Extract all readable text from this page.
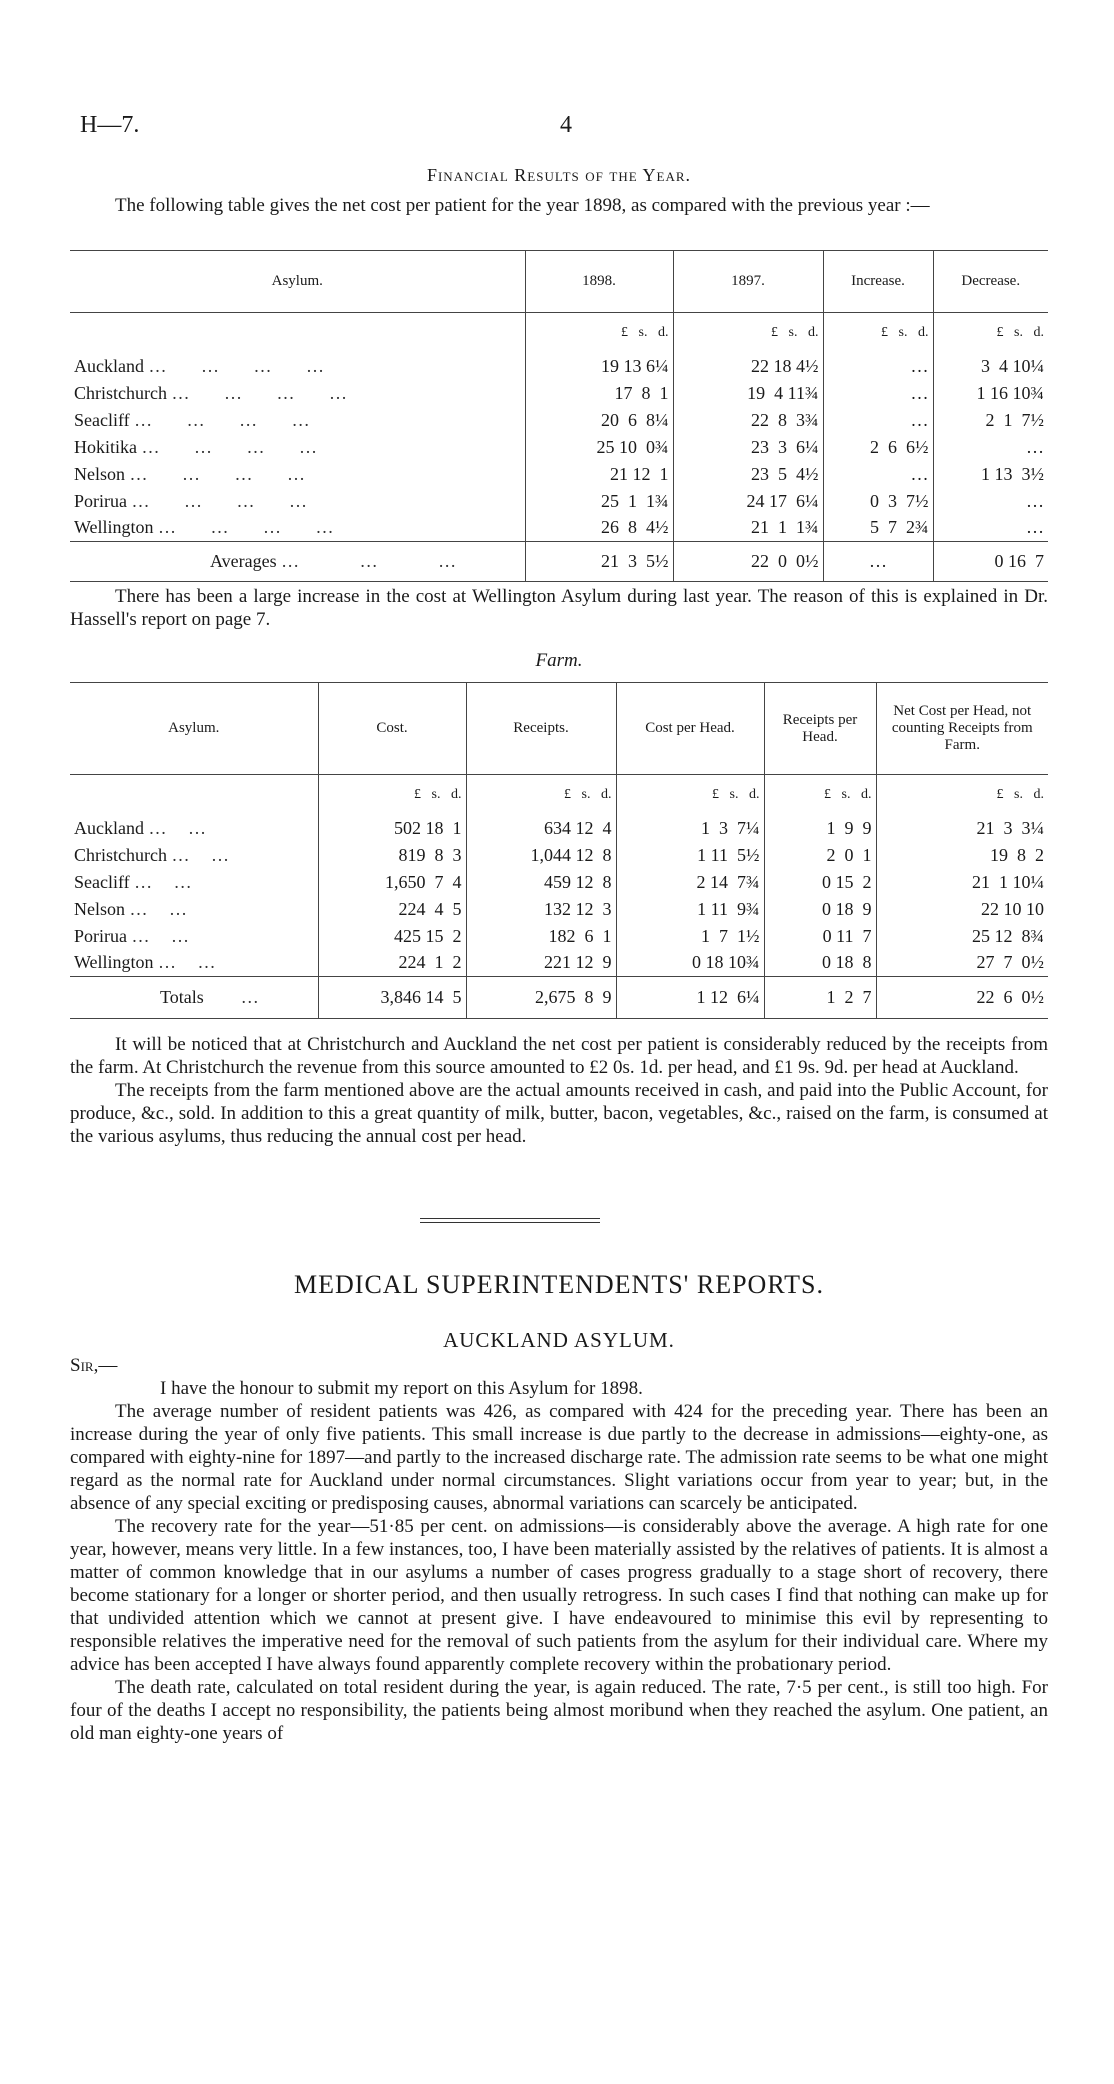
H—7.	4
Financial Results of the Year.

The following table gives the net cost per patient for the year 1898, as compared with the previous year :—

Asylum.	1898.	1897.	Increase.	Decrease.
	£   s.   d.	£   s.   d.	£   s.   d.	£   s.   d.
Auckland …     …     …     …	19 13 6¼	22 18 4½	…	3  4 10¼
Christchurch …     …     …     …	17  8  1	19  4 11¾	…	1 16 10¾
Seacliff …     …     …     …	20  6  8¼	22  8  3¾	…	2  1  7½
Hokitika …     …     …     …	25 10  0¾	23  3  6¼	2  6  6½	…
Nelson …     …     …     …	21 12  1	23  5  4½	…	1 13  3½
Porirua …     …     …     …	25  1  1¾	24 17  6¼	0  3  7½	…
Wellington …     …     …     …	26  8  4½	21  1  1¾	5  7  2¾	…
Averages …         …         …	21  3  5½	22  0  0½	…	0 16  7

There has been a large increase in the cost at Wellington Asylum during last year. The reason of this is explained in Dr. Hassell's report on page 7.

Farm.
Asylum.	Cost.	Receipts.	Cost per Head.	Receipts per Head.	Net Cost per Head, not counting Receipts from Farm.
	£   s.   d.	£   s.   d.	£   s.   d.	£   s.   d.	£   s.   d.
Auckland …   …	502 18  1	634 12  4	1  3  7¼	1  9  9	21  3  3¼
Christchurch …   …	819  8  3	1,044 12  8	1 11  5½	2  0  1	19  8  2
Seacliff …   …	1,650  7  4	459 12  8	2 14  7¾	0 15  2	21  1 10¼
Nelson …   …	224  4  5	132 12  3	1 11  9¾	0 18  9	22 10 10
Porirua …   …	425 15  2	182  6  1	1  7  1½	0 11  7	25 12  8¾
Wellington …   …	224  1  2	221 12  9	0 18 10¾	0 18  8	27  7  0½
Totals      …	3,846 14  5	2,675  8  9	1 12  6¼	1  2  7	22  6  0½

It will be noticed that at Christchurch and Auckland the net cost per patient is considerably reduced by the receipts from the farm. At Christchurch the revenue from this source amounted to £2 0s. 1d. per head, and £1 9s. 9d. per head at Auckland.

The receipts from the farm mentioned above are the actual amounts received in cash, and paid into the Public Account, for produce, &c., sold. In addition to this a great quantity of milk, butter, bacon, vegetables, &c., raised on the farm, is consumed at the various asylums, thus reducing the annual cost per head.

MEDICAL SUPERINTENDENTS' REPORTS.
AUCKLAND ASYLUM.
Sir,—

I have the honour to submit my report on this Asylum for 1898.

The average number of resident patients was 426, as compared with 424 for the preceding year. There has been an increase during the year of only five patients. This small increase is due partly to the decrease in admissions—eighty-one, as compared with eighty-nine for 1897—and partly to the increased discharge rate. The admission rate seems to be what one might regard as the normal rate for Auckland under normal circumstances. Slight variations occur from year to year; but, in the absence of any special exciting or predisposing causes, abnormal variations can scarcely be anticipated.

The recovery rate for the year—51·85 per cent. on admissions—is considerably above the average. A high rate for one year, however, means very little. In a few instances, too, I have been materially assisted by the relatives of patients. It is almost a matter of common knowledge that in our asylums a number of cases progress gradually to a stage short of recovery, there become stationary for a longer or shorter period, and then usually retrogress. In such cases I find that nothing can make up for that undivided attention which we cannot at present give. I have endeavoured to minimise this evil by representing to responsible relatives the imperative need for the removal of such patients from the asylum for their individual care. Where my advice has been accepted I have always found apparently complete recovery within the probationary period.

The death rate, calculated on total resident during the year, is again reduced. The rate, 7·5 per cent., is still too high. For four of the deaths I accept no responsibility, the patients being almost moribund when they reached the asylum. One patient, an old man eighty-one years of
